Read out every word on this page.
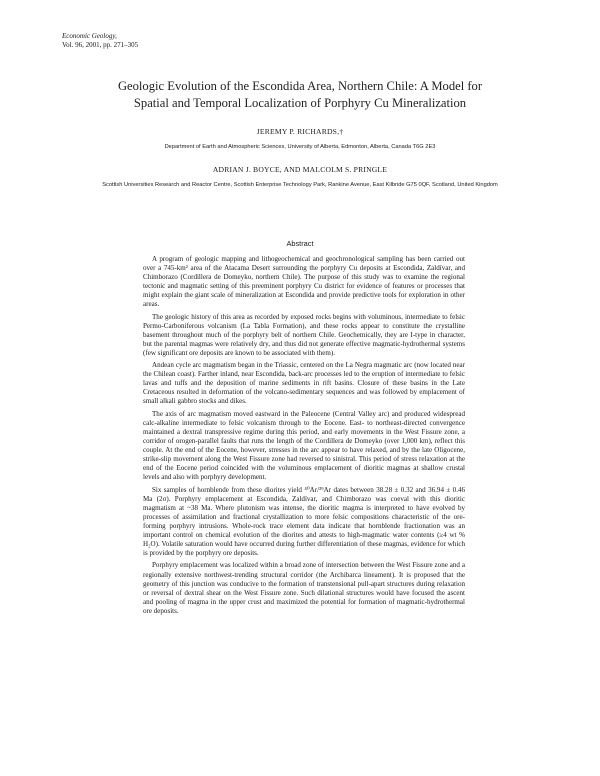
Economic Geology,
Vol. 96, 2001, pp. 271–305
Geologic Evolution of the Escondida Area, Northern Chile: A Model for
Spatial and Temporal Localization of Porphyry Cu Mineralization
JEREMY P. RICHARDS,†
Department of Earth and Atmospheric Sciences, University of Alberta, Edmonton, Alberta, Canada T6G 2E3
ADRIAN J. BOYCE, AND MALCOLM S. PRINGLE
Scottish Universities Research and Reactor Centre, Scottish Enterprise Technology Park, Rankine Avenue, East Kilbride G75 0QF, Scotland, United Kingdom
Abstract

A program of geologic mapping and lithogeochemical and geochronological sampling has been carried out over a 745-km² area of the Atacama Desert surrounding the porphyry Cu deposits at Escondida, Zaldívar, and Chimborazo (Cordillera de Domeyko, northern Chile). The purpose of this study was to examine the regional tectonic and magmatic setting of this preeminent porphyry Cu district for evidence of features or processes that might explain the giant scale of mineralization at Escondida and provide predictive tools for exploration in other areas.

The geologic history of this area as recorded by exposed rocks begins with voluminous, intermediate to felsic Permo-Carboniferous volcanism (La Tabla Formation), and these rocks appear to constitute the crystalline basement throughout much of the porphyry belt of northern Chile. Geochemically, they are I-type in character, but the parental magmas were relatively dry, and thus did not generate effective magmatic-hydrothermal systems (few significant ore deposits are known to be associated with them).

Andean cycle arc magmatism began in the Triassic, centered on the La Negra magmatic arc (now located near the Chilean coast). Farther inland, near Escondida, back-arc processes led to the eruption of intermediate to felsic lavas and tuffs and the deposition of marine sediments in rift basins. Closure of these basins in the Late Cretaceous resulted in deformation of the volcano-sedimentary sequences and was followed by emplacement of small alkali gabbro stocks and dikes.

The axis of arc magmatism moved eastward in the Paleocene (Central Valley arc) and produced widespread calc-alkaline intermediate to felsic volcanism through to the Eocene. East- to northeast-directed convergence maintained a dextral transpressive regime during this period, and early movements in the West Fissure zone, a corridor of orogen-parallel faults that runs the length of the Cordillera de Domeyko (over 1,000 km), reflect this couple. At the end of the Eocene, however, stresses in the arc appear to have relaxed, and by the late Oligocene, strike-slip movement along the West Fissure zone had reversed to sinistral. This period of stress relaxation at the end of the Eocene period coincided with the voluminous emplacement of dioritic magmas at shallow crustal levels and also with porphyry development.

Six samples of hornblende from these diorites yield ⁴⁰Ar/³⁹Ar dates between 38.28 ± 0.32 and 36.94 ± 0.46 Ma (2σ). Porphyry emplacement at Escondida, Zaldívar, and Chimborazo was coeval with this dioritic magmatism at ~38 Ma. Where plutonism was intense, the dioritic magma is interpreted to have evolved by processes of assimilation and fractional crystallization to more felsic compositions characteristic of the ore-forming porphyry intrusions. Whole-rock trace element data indicate that hornblende fractionation was an important control on chemical evolution of the diorites and attests to high-magmatic water contents (≥4 wt % H₂O). Volatile saturation would have occurred during further differentiation of these magmas, evidence for which is provided by the porphyry ore deposits.

Porphyry emplacement was localized within a broad zone of intersection between the West Fissure zone and a regionally extensive northwest-trending structural corridor (the Archibarca lineament). It is proposed that the geometry of this junction was conducive to the formation of transtensional pull-apart structures during relaxation or reversal of dextral shear on the West Fissure zone. Such dilational structures would have focused the ascent and pooling of magma in the upper crust and maximized the potential for formation of magmatic-hydrothermal ore deposits.
